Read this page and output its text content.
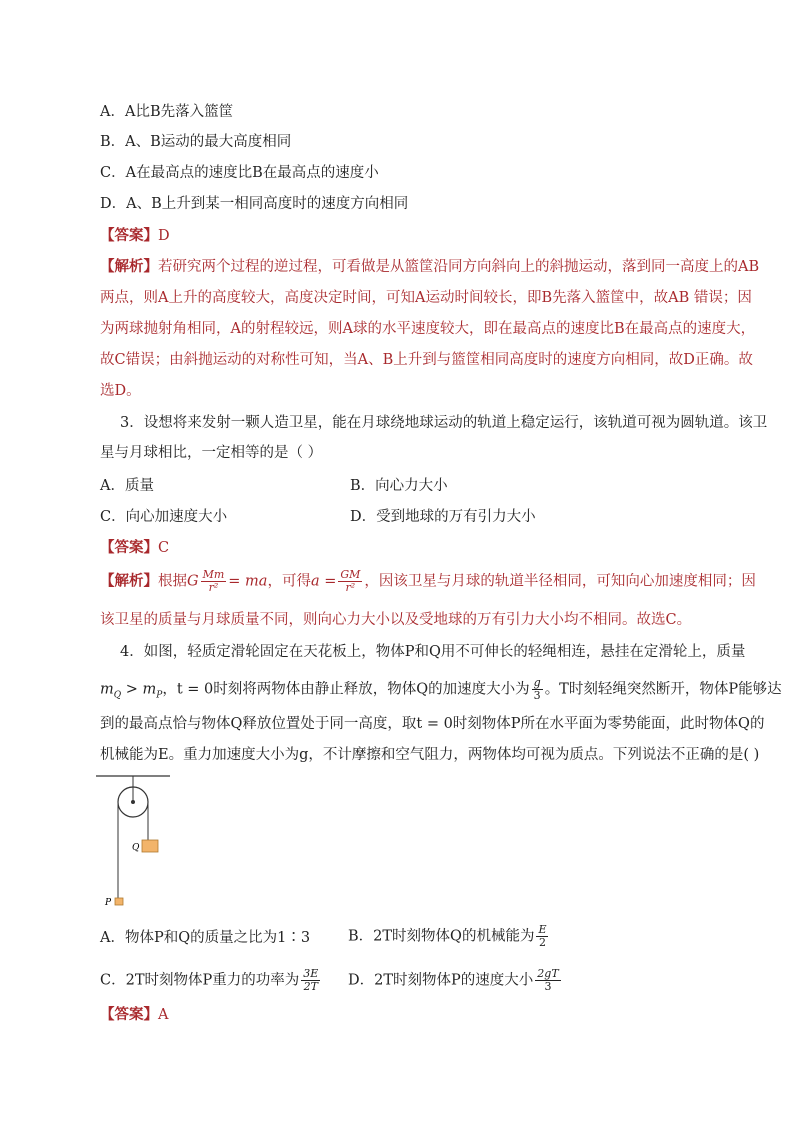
A．A比B先落入篮筐
B．A、B运动的最大高度相同
C．A在最高点的速度比B在最高点的速度小
D．A、B上升到某一相同高度时的速度方向相同
【答案】D
【解析】若研究两个过程的逆过程，可看做是从篮筐沿同方向斜向上的斜抛运动，落到同一高度上的AB
两点，则A上升的高度较大，高度决定时间，可知A运动时间较长，即B先落入篮筐中，故AB 错误；因
为两球抛射角相同，A的射程较远，则A球的水平速度较大，即在最高点的速度比B在最高点的速度大，
故C错误；由斜抛运动的对称性可知，当A、B上升到与篮筐相同高度时的速度方向相同，故D正确。故
选D。
3．设想将来发射一颗人造卫星，能在月球绕地球运动的轨道上稳定运行，该轨道可视为圆轨道。该卫
星与月球相比，一定相等的是（ ）
A．质量	B．向心力大小
C．向心加速度大小	D．受到地球的万有引力大小
【答案】C
【解析】根据G $\frac{Mm}{\text{r²}}$ = ma，可得$a = \frac{GM}{\text{r²}}$ ，因该卫星与月球的轨道半径相同，可知向心加速度相同；因
该卫星的质量与月球质量不同，则向心力大小以及受地球的万有引力大小均不相同。故选C。
4．如图，轻质定滑轮固定在天花板上，物体P和Q用不可伸长的轻绳相连，悬挂在定滑轮上，质量
$m_Q > m_P$，t = 0时刻将两物体由静止释放，物体Q的加速度大小为 $\frac{g}{3}$ 。T时刻轻绳突然断开，物体P能够达
到的最高点恰与物体Q释放位置处于同一高度，取t = 0时刻物体P所在水平面为零势能面，此时物体Q的
机械能为E。重力加速度大小为g，不计摩擦和空气阻力，两物体均可视为质点。下列说法不正确的是( )
Q
P
A．物体P和Q的质量之比为1∶3	B．2T时刻物体Q的机械能为 $\frac{E}{2}$
C．2T时刻物体P重力的功率为 $\frac{3E}{2T}$ D．2T时刻物体P的速度大小 $\frac{2gT}{3}$
【答案】A
